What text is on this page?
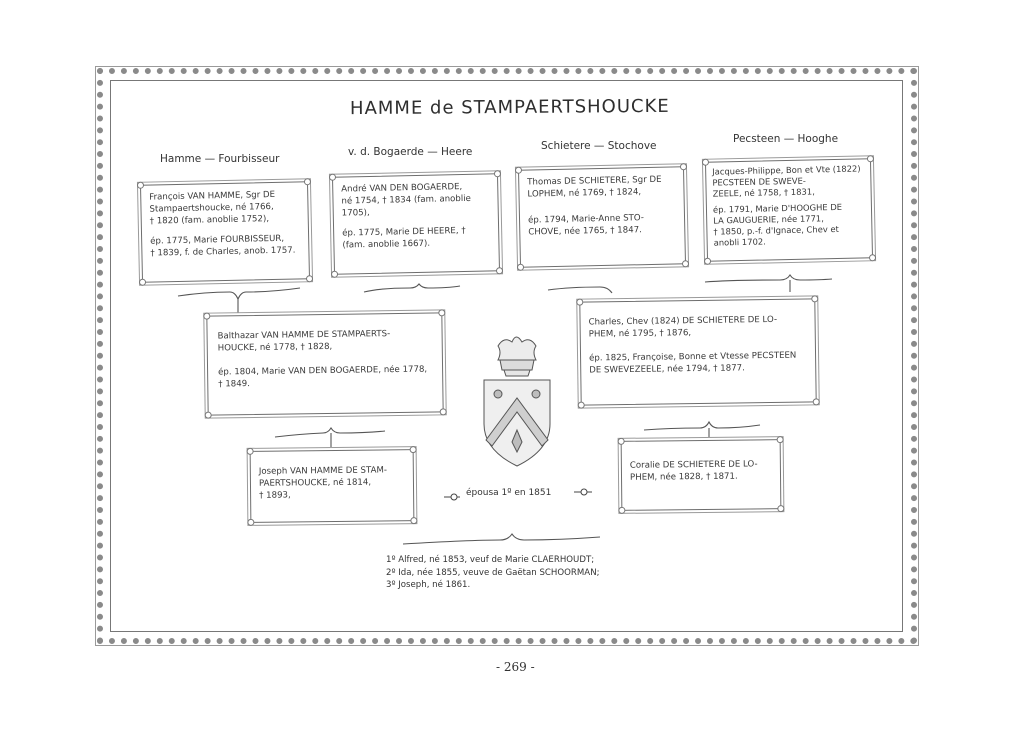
HAMME de STAMPAERTSHOUCKE
Hamme — Fourbisseur
v. d. Bogaerde — Heere	Schietere — Stochove
Pecsteen — Hooghe

François VAN HAMME, Sgr DE

Stampaertshoucke, né 1766,

† 1820 (fam. anoblie 1752),

ép. 1775, Marie FOURBISSEUR,

† 1839, f. de Charles, anob. 1757.

André VAN DEN BOGAERDE,

né 1754, † 1834 (fam. anoblie

1705),

ép. 1775, Marie DE HEERE, †

(fam. anoblie 1667).

Thomas DE SCHIETERE, Sgr DE

LOPHEM, né 1769, † 1824,

ép. 1794, Marie-Anne STO-

CHOVE, née 1765, † 1847.

Jacques-Philippe, Bon et Vte (1822)

PECSTEEN DE SWEVE-

ZEELE, né 1758, † 1831,

ép. 1791, Marie D'HOOGHE DE

LA GAUGUERIE, née 1771,

† 1850, p.-f. d'Ignace, Chev et

anobli 1702.

Balthazar VAN HAMME DE STAMPAERTS-

HOUCKE, né 1778, † 1828,

ép. 1804, Marie VAN DEN BOGAERDE, née 1778,

† 1849.

Charles, Chev (1824) DE SCHIETERE DE LO-

PHEM, né 1795, † 1876,

ép. 1825, Françoise, Bonne et Vtesse PECSTEEN

DE SWEVEZEELE, née 1794, † 1877.

Joseph VAN HAMME DE STAM-

PAERTSHOUCKE, né 1814,

† 1893,

Coralie DE SCHIETERE DE LO-

PHEM, née 1828, † 1871.

épousa 1º en 1851

1º Alfred, né 1853, veuf de Marie CLAERHOUDT;

2º Ida, née 1855, veuve de Gaëtan SCHOORMAN;

3º Joseph, né 1861.

- 269 -
